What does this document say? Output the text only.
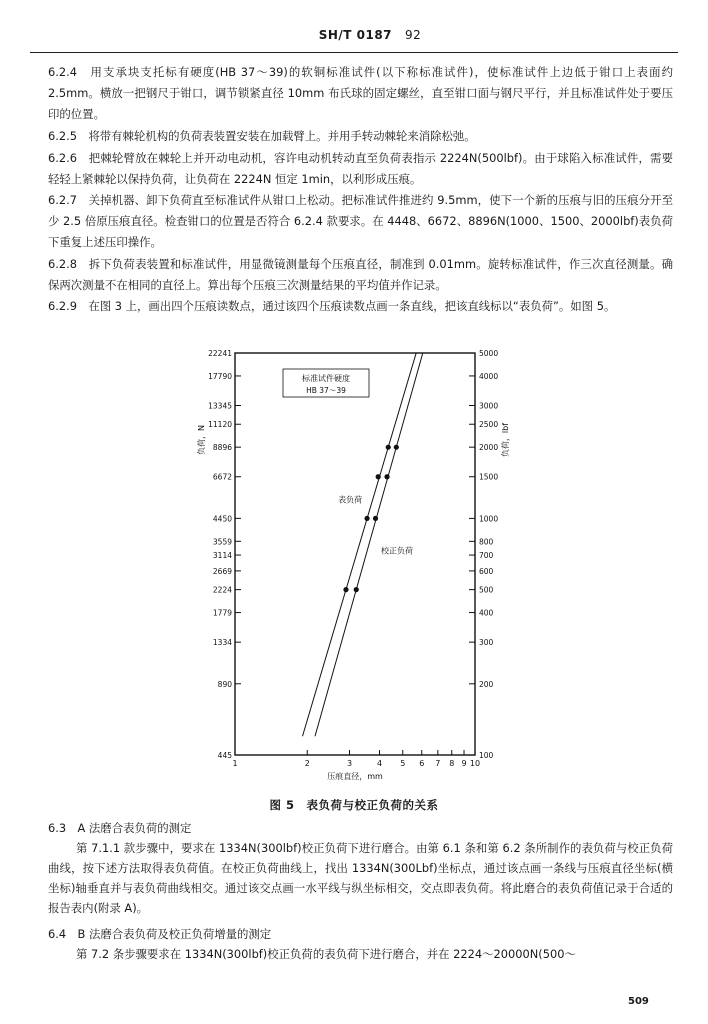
SH/T 0187 92
6.2.4　用支承块支托标有硬度(HB 37～39)的软铜标准试件(以下称标准试件)，使标准试件上边低于钳口上表面约 2.5mm。横放一把钢尺于钳口，调节锁紧直径 10mm 布氏球的固定螺丝，直至钳口面与钢尺平行，并且标准试件处于要压印的位置。
6.2.5　将带有棘轮机构的负荷表装置安装在加载臂上。并用手转动棘轮来消除松弛。
6.2.6　把棘轮臂放在棘轮上并开动电动机，容许电动机转动直至负荷表指示 2224N(500lbf)。由于球陷入标准试件，需要轻轻上紧棘轮以保持负荷，让负荷在 2224N 恒定 1min，以利形成压痕。
6.2.7　关掉机器、卸下负荷直至标准试件从钳口上松动。把标准试件推进约 9.5mm，使下一个新的压痕与旧的压痕分开至少 2.5 倍原压痕直径。检查钳口的位置是否符合 6.2.4 款要求。在 4448、6672、8896N(1000、1500、2000lbf)表负荷下重复上述压印操作。
6.2.8　拆下负荷表装置和标准试件，用显微镜测量每个压痕直径，制准到 0.01mm。旋转标准试件，作三次直径测量。确保两次测量不在相同的直径上。算出每个压痕三次测量结果的平均值并作记录。
6.2.9　在图 3 上，画出四个压痕读数点，通过该四个压痕读数点画一条直线，把该直线标以“表负荷”。如图 5。
22241
17790
13345
11120
8896
6672
4450
3559
3114
2669
2224
1779
1334
890
445
5000
4000
3000
2500
2000
1500
1000
800
700
600
500
400
300
200
100
1	2	3	4 5 6 7 8 9 10
压痕直径，mm
负荷，N	负荷，lbf
标准试件硬度
HB 37～39
表负荷
校正负荷
图 5　表负荷与校正负荷的关系
6.3　A 法磨合表负荷的测定
第 7.1.1 款步骤中，要求在 1334N(300lbf)校正负荷下进行磨合。由第 6.1 条和第 6.2 条所制作的表负荷与校正负荷曲线，按下述方法取得表负荷值。在校正负荷曲线上，找出 1334N(300Lbf)坐标点，通过该点画一条线与压痕直径坐标(横坐标)轴垂直并与表负荷曲线相交。通过该交点画一水平线与纵坐标相交，交点即表负荷。将此磨合的表负荷值记录于合适的报告表内(附录 A)。
6.4　B 法磨合表负荷及校正负荷增量的测定
第 7.2 条步骤要求在 1334N(300lbf)校正负荷的表负荷下进行磨合，并在 2224～20000N(500～
509
